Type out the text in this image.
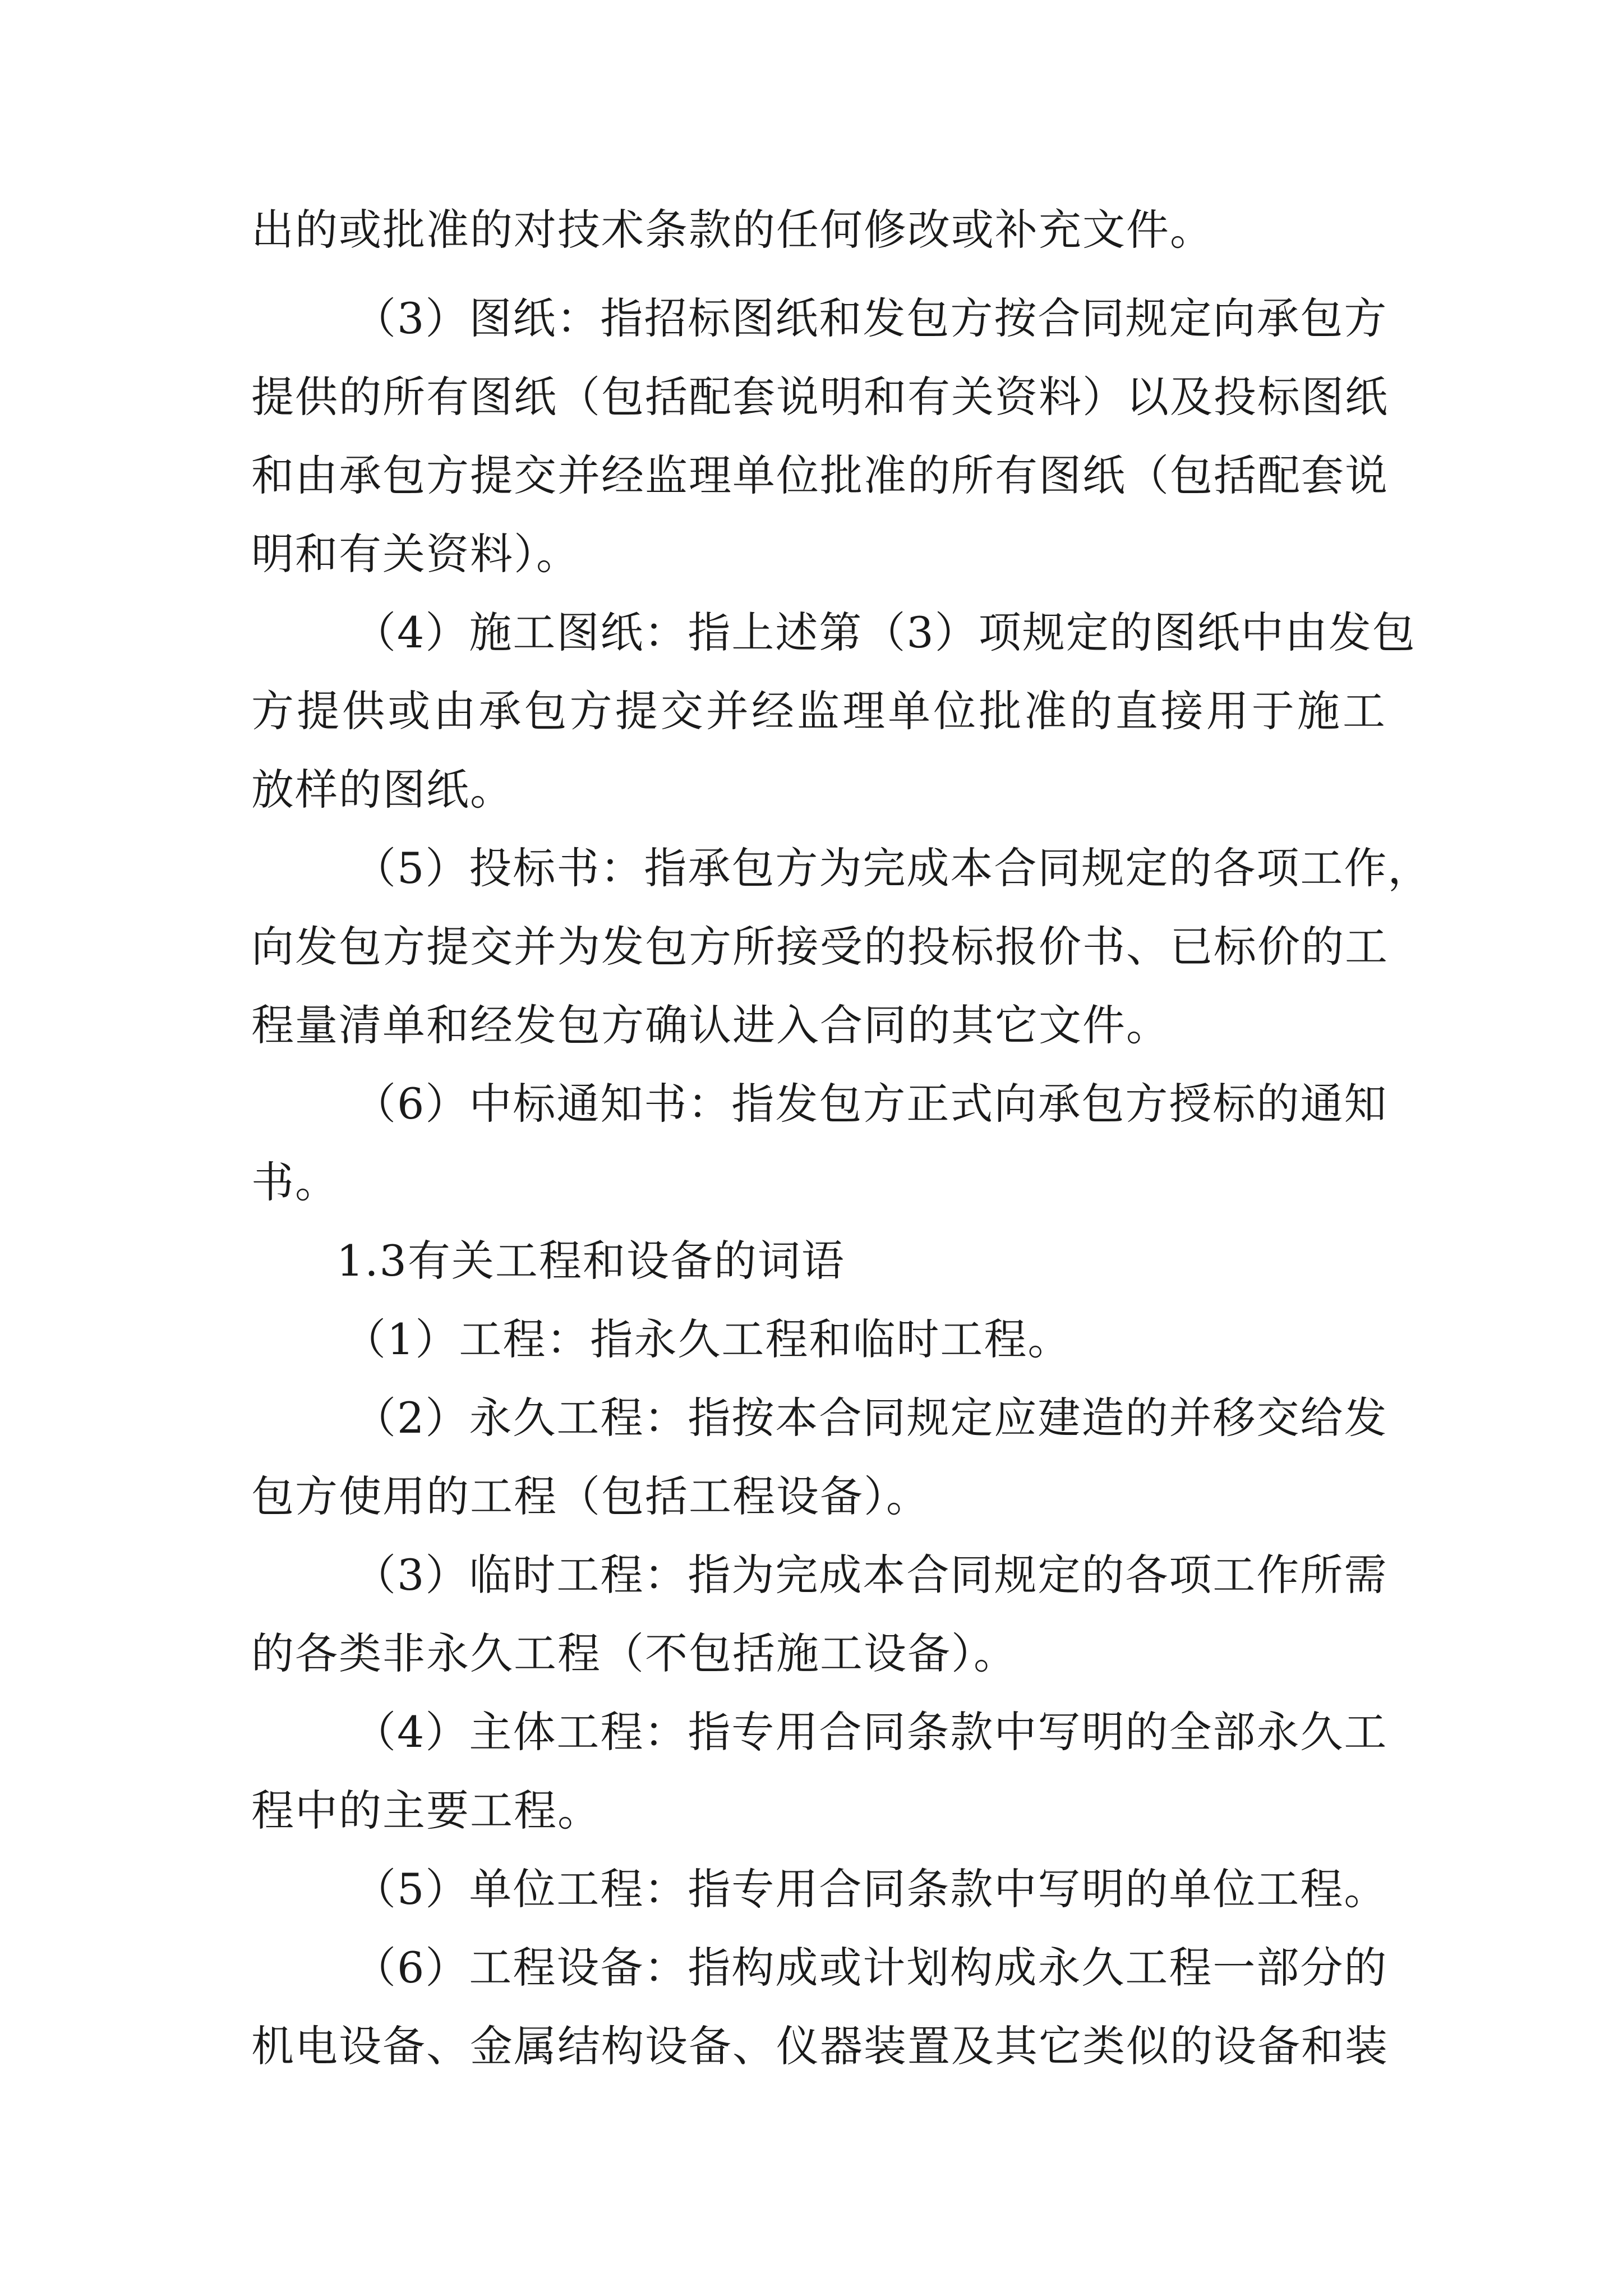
出的或批准的对技术条款的任何修改或补充文件。
（3）图纸：指招标图纸和发包方按合同规定向承包方
提供的所有图纸（包括配套说明和有关资料）以及投标图纸
和由承包方提交并经监理单位批准的所有图纸（包括配套说
明和有关资料）。
（4）施工图纸：指上述第（3）项规定的图纸中由发包
方提供或由承包方提交并经监理单位批准的直接用于施工
放样的图纸。
（5）投标书：指承包方为完成本合同规定的各项工作，
向发包方提交并为发包方所接受的投标报价书、已标价的工
程量清单和经发包方确认进入合同的其它文件。
（6）中标通知书：指发包方正式向承包方授标的通知
书。
1.3有关工程和设备的词语
（1）工程：指永久工程和临时工程。
（2）永久工程：指按本合同规定应建造的并移交给发
包方使用的工程（包括工程设备）。
（3）临时工程：指为完成本合同规定的各项工作所需
的各类非永久工程（不包括施工设备）。
（4）主体工程：指专用合同条款中写明的全部永久工
程中的主要工程。
（5）单位工程：指专用合同条款中写明的单位工程。
（6）工程设备：指构成或计划构成永久工程一部分的
机电设备、金属结构设备、仪器装置及其它类似的设备和装
